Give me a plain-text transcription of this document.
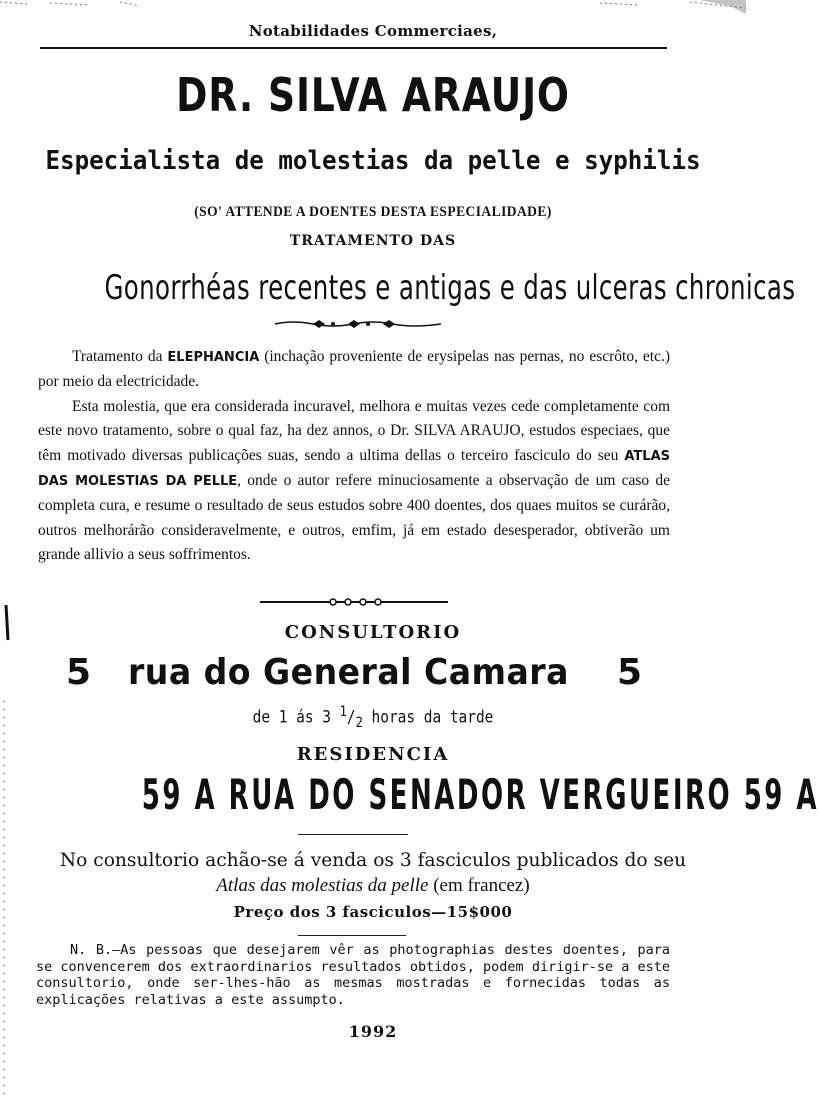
Notabilidades Commerciaes,
DR. SILVA ARAUJO
Especialista de molestias da pelle e syphilis
(SO' ATTENDE A DOENTES DESTA ESPECIALIDADE)
TRATAMENTO DAS
Gonorrhéas recentes e antigas e das ulceras chronicas

Tratamento da ELEPHANCIA (inchação proveniente de erysipelas nas pernas, no escrôto, etc.) por meio da electricidade.

Esta molestia, que era considerada incuravel, melhora e muitas vezes cede completamente com este novo tratamento, sobre o qual faz, ha dez annos, o Dr. SILVA ARAUJO, estudos especiaes, que têm motivado diversas publicações suas, sendo a ultima dellas o terceiro fasciculo do seu ATLAS DAS MOLESTIAS DA PELLE, onde o autor refere minuciosamente a observação de um caso de completa cura, e resume o resultado de seus estudos sobre 400 doentes, dos quaes muitos se curárão, outros melhorárão consideravelmente, e outros, emfim, já em estado desesperador, obtiverão um grande allivio a seus soffrimentos.

CONSULTORIO
5 rua do General Camara 5
de 1 ás 3 $^1/_2$ horas da tarde
RESIDENCIA
59 A RUA DO SENADOR VERGUEIRO 59 A
No consultorio achão-se á venda os 3 fasciculos publicados do seu
Atlas das molestias da pelle (em francez)
Preço dos 3 fasciculos—15$000

N. B.—As pessoas que desejarem vêr as photographias destes doentes, para se convencerem dos extraordinarios resultados obtidos, podem dirigir-se a este consultorio, onde ser-lhes-hão as mesmas mostradas e fornecidas todas as explicações relativas a este assumpto.

1992
